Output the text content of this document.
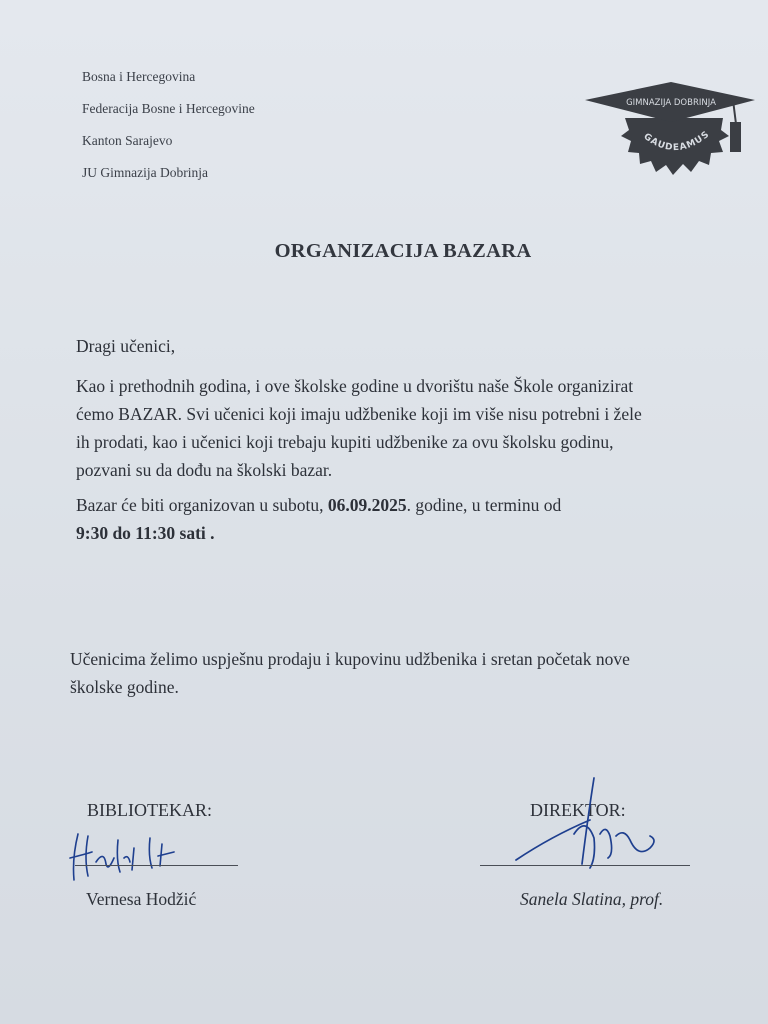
Bosna i Hercegovina
Federacija Bosne i Hercegovine
Kanton Sarajevo
JU Gimnazija Dobrinja
GAUDEAMUS
GIMNAZIJA DOBRINJA
ORGANIZACIJA BAZARA
Dragi učenici,
Kao i prethodnih godina, i ove školske godine u dvorištu naše Škole organizirat
ćemo BAZAR. Svi učenici koji imaju udžbenike koji im više nisu potrebni i žele
ih prodati, kao i učenici koji trebaju kupiti udžbenike za ovu školsku godinu,
pozvani su da dođu na školski bazar.
Bazar će biti organizovan u subotu, 06.09.2025. godine, u terminu od
9:30 do 11:30 sati .
Učenicima želimo uspješnu prodaju i kupovinu udžbenika i sretan početak nove
školske godine.
BIBLIOTEKAR:
Vernesa Hodžić
DIREKTOR:
Sanela Slatina, prof.
